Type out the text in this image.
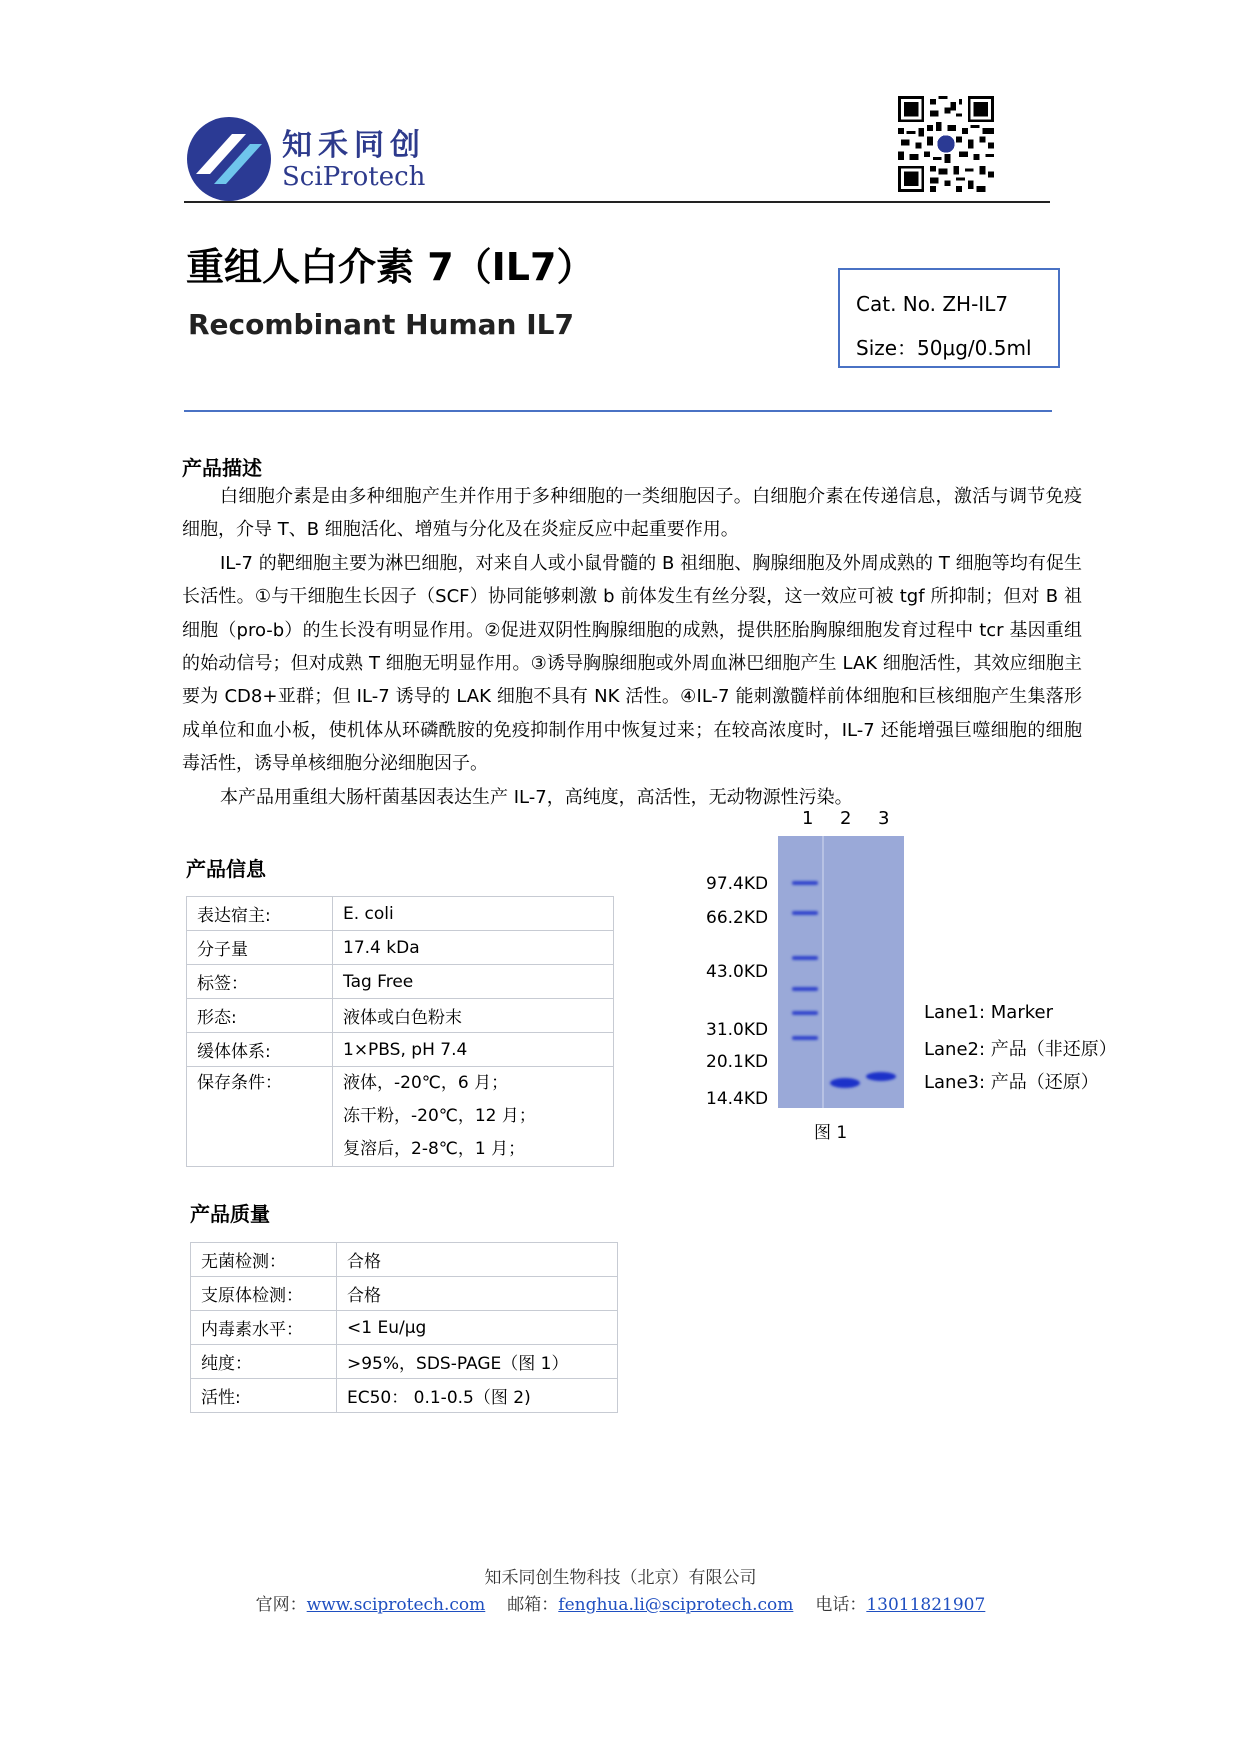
知禾同创
SciProtech
重组人白介素 7（IL7）
Recombinant Human IL7
Cat. No. ZH-IL7
Size：50μg/0.5ml
产品描述

白细胞介素是由多种细胞产生并作用于多种细胞的一类细胞因子。白细胞介素在传递信息，激活与调节免疫细胞，介导 T、B 细胞活化、增殖与分化及在炎症反应中起重要作用。

IL-7 的靶细胞主要为淋巴细胞，对来自人或小鼠骨髓的 B 祖细胞、胸腺细胞及外周成熟的 T 细胞等均有促生长活性。①与干细胞生长因子（SCF）协同能够刺激 b 前体发生有丝分裂，这一效应可被 tgf 所抑制；但对 B 祖细胞（pro-b）的生长没有明显作用。②促进双阴性胸腺细胞的成熟，提供胚胎胸腺细胞发育过程中 tcr 基因重组的始动信号；但对成熟 T 细胞无明显作用。③诱导胸腺细胞或外周血淋巴细胞产生 LAK 细胞活性，其效应细胞主要为 CD8+亚群；但 IL-7 诱导的 LAK 细胞不具有 NK 活性。④IL-7 能刺激髓样前体细胞和巨核细胞产生集落形成单位和血小板，使机体从环磷酰胺的免疫抑制作用中恢复过来；在较高浓度时，IL-7 还能增强巨噬细胞的细胞毒活性，诱导单核细胞分泌细胞因子。

本产品用重组大肠杆菌基因表达生产 IL-7，高纯度，高活性，无动物源性污染。

产品信息
表达宿主:	E. coli
分子量	17.4 kDa
标签：	Tag Free
形态:	液体或白色粉末
缓体体系:	1×PBS, pH 7.4
保存条件：	液体，-20℃，6 月；
冻干粉，-20℃，12 月；
复溶后，2-8℃，1 月；
产品质量
无菌检测：	合格
支原体检测：	合格
内毒素水平：	<1 Eu/μg
纯度：	>95%，SDS-PAGE（图 1）
活性:	EC50： 0.1-0.5（图 2)
1 2 3
97.4KD
66.2KD
43.0KD
31.0KD
20.1KD
14.4KD
Lane1: Marker
Lane2: 产品（非还原）
Lane3: 产品（还原）
图 1
知禾同创生物科技（北京）有限公司
官网：www.sciprotech.com 邮箱：fenghua.li@sciprotech.com 电话：13011821907
